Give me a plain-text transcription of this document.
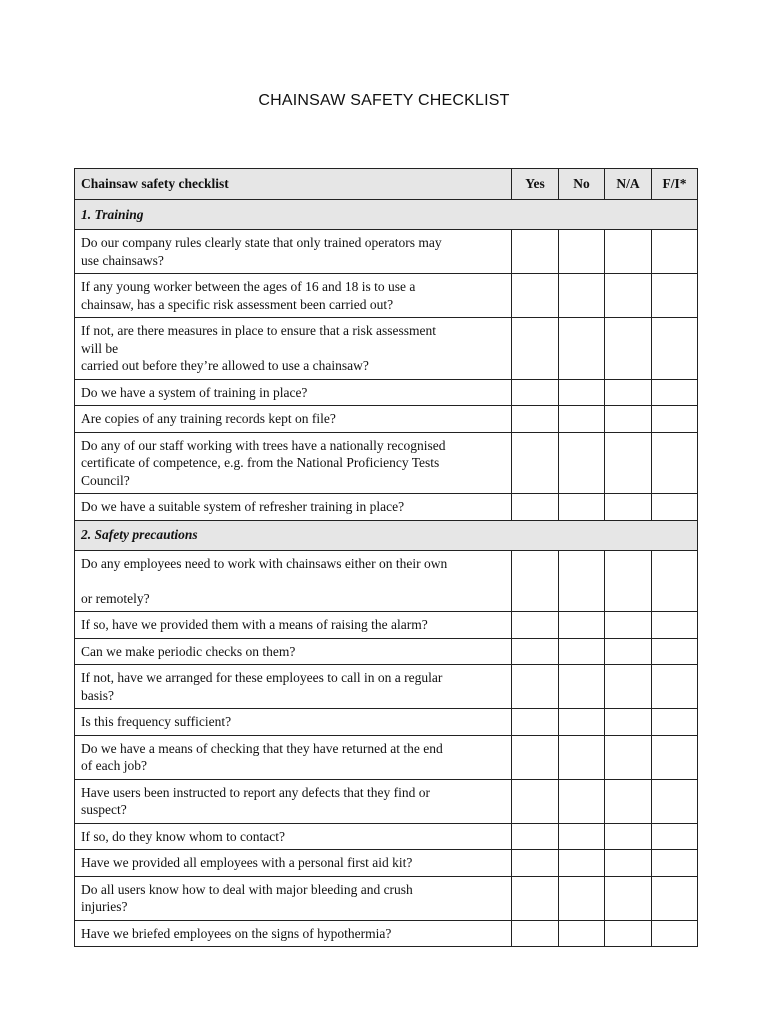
CHAINSAW SAFETY CHECKLIST
Chainsaw safety checklist	Yes	No	N/A	F/I*
1. Training				

Do our company rules clearly state that only trained operators may
use chainsaws?				

If any young worker between the ages of 16 and 18 is to use a
chainsaw, has a specific risk assessment been carried out?				

If not, are there measures in place to ensure that a risk assessment
will be
carried out before they’re allowed to use a chainsaw?				

Do we have a system of training in place?				

Are copies of any training records kept on file?				

Do any of our staff working with trees have a nationally recognised
certificate of competence, e.g. from the National Proficiency Tests
Council?				

Do we have a suitable system of refresher training in place?				

2. Safety precautions				

Do any employees need to work with chainsaws either on their own

or remotely?				

If so, have we provided them with a means of raising the alarm?				

Can we make periodic checks on them?				

If not, have we arranged for these employees to call in on a regular
basis?				

Is this frequency sufficient?				

Do we have a means of checking that they have returned at the end
of each job?				

Have users been instructed to report any defects that they find or
suspect?				

If so, do they know whom to contact?				

Have we provided all employees with a personal first aid kit?				

Do all users know how to deal with major bleeding and crush
injuries?				

Have we briefed employees on the signs of hypothermia?				
